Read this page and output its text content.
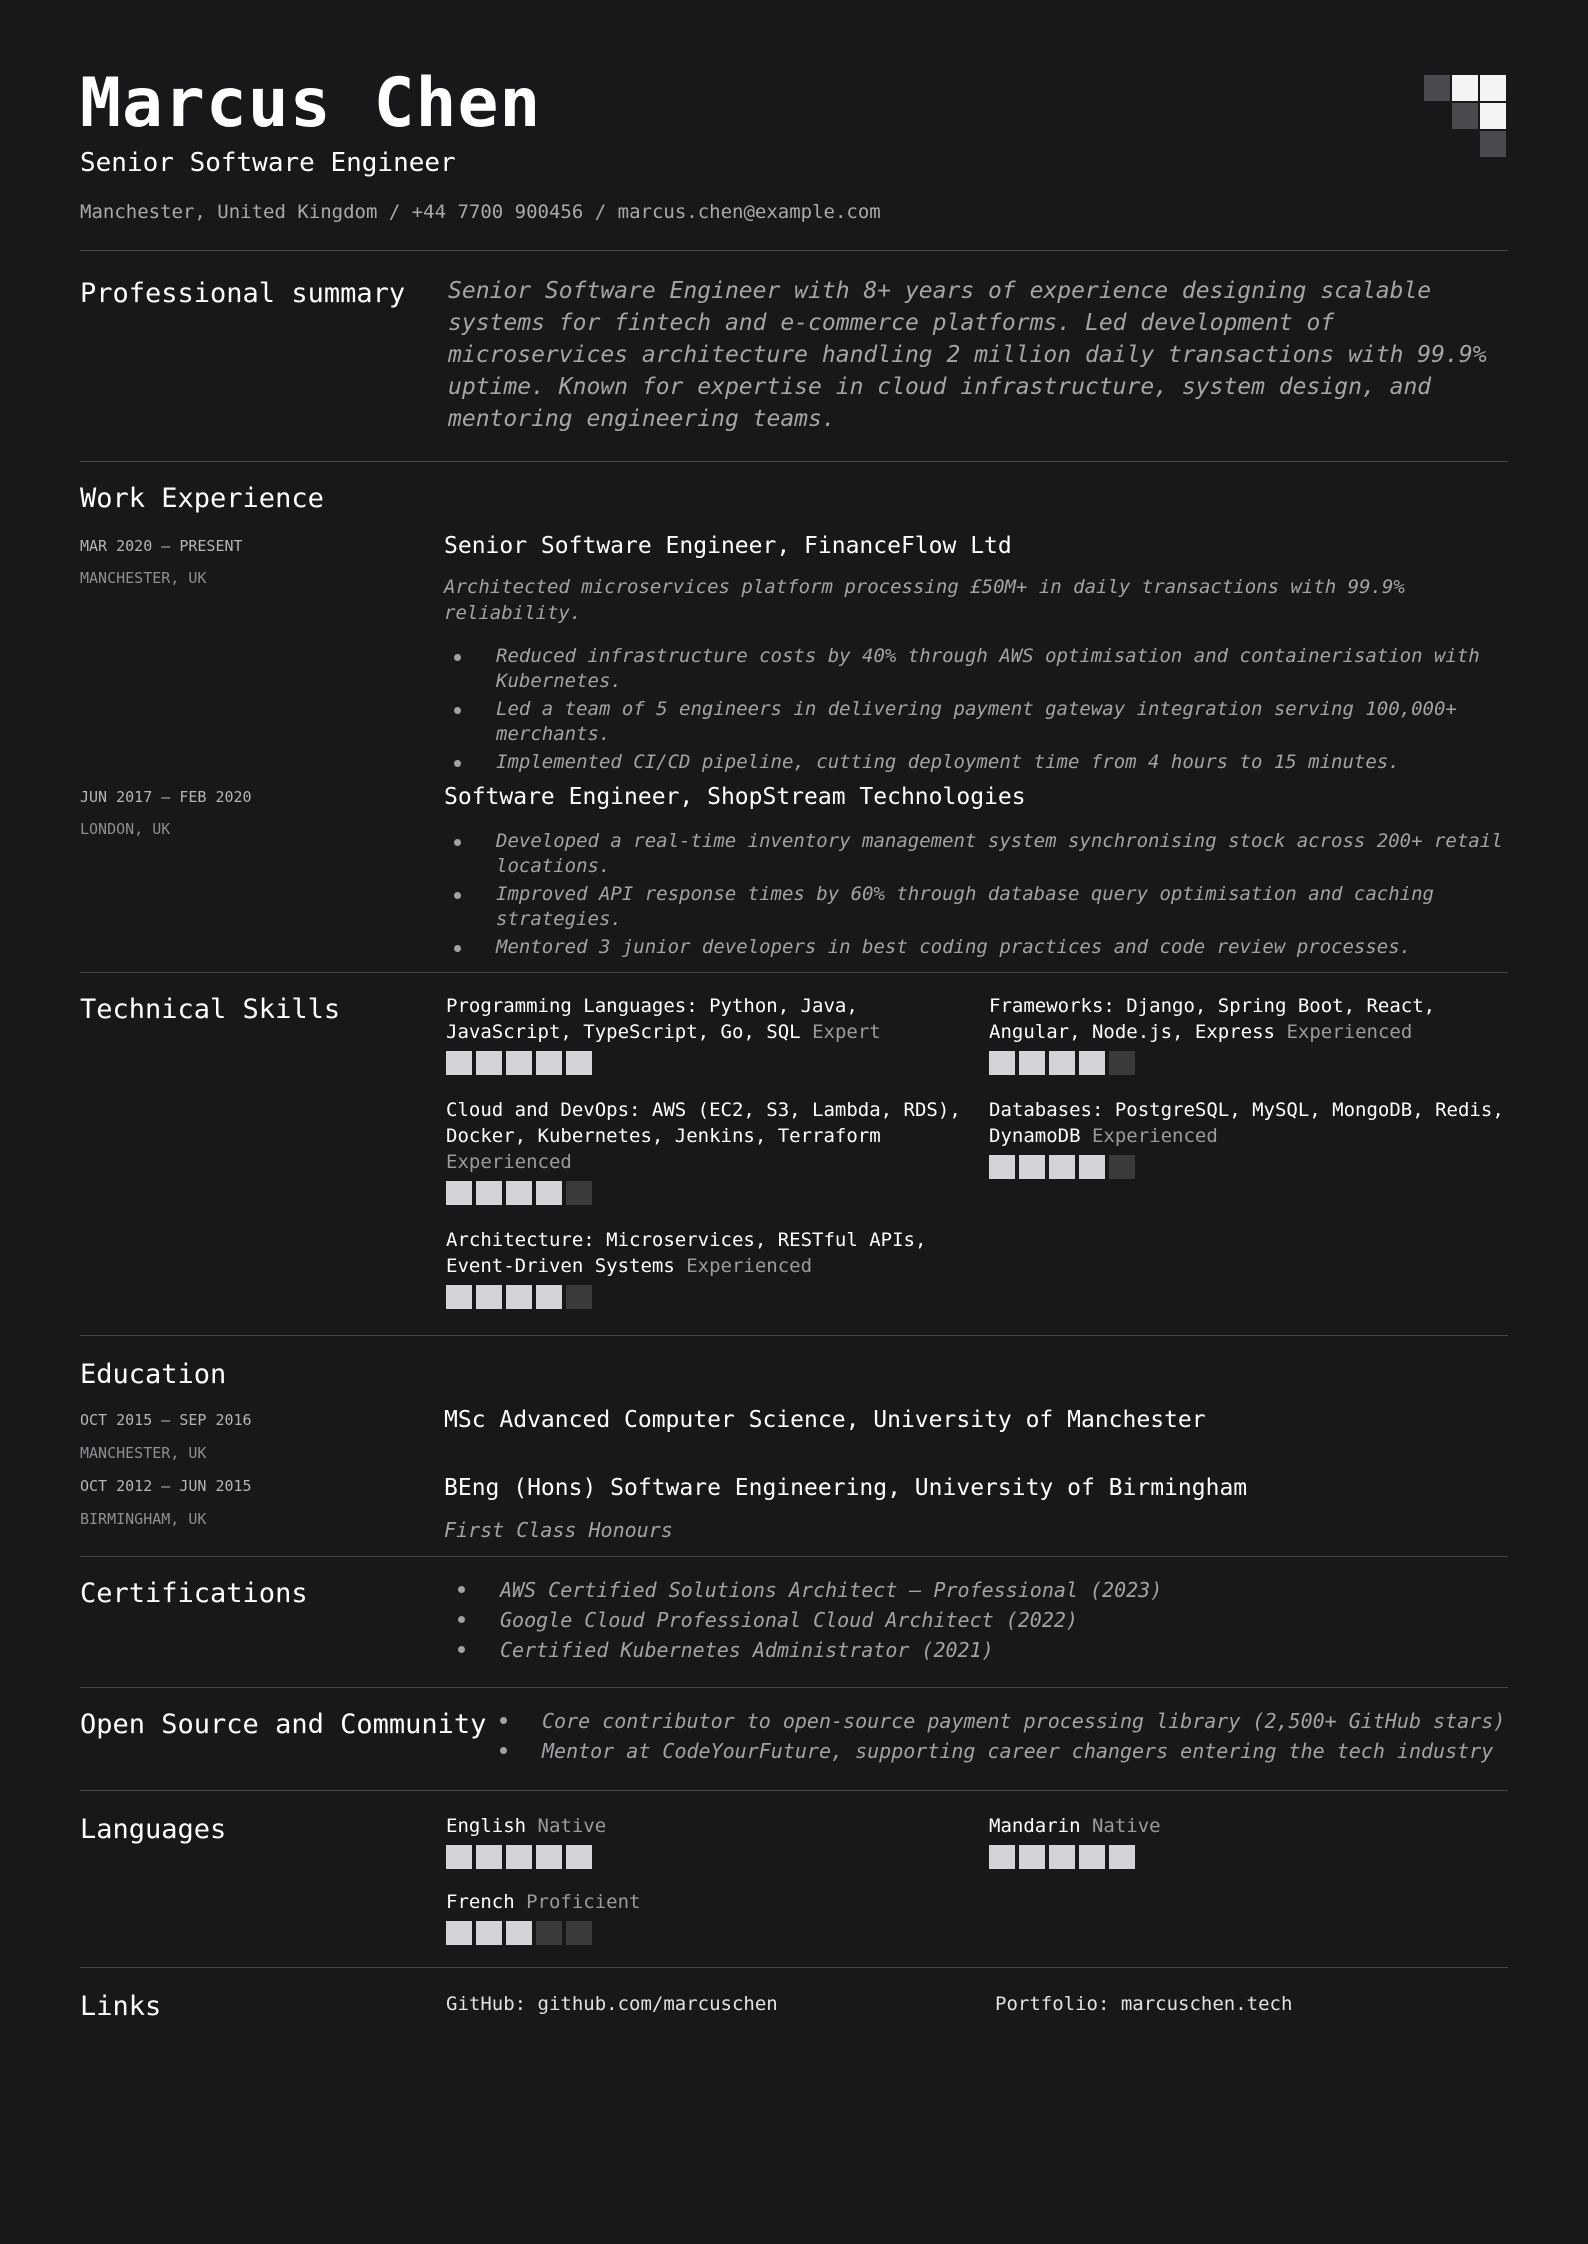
Marcus Chen
Senior Software Engineer
Manchester, United Kingdom / +44 7700 900456 / marcus.chen@example.com
Professional summary	Senior Software Engineer with 8+ years of experience designing scalable systems for fintech and e-commerce platforms. Led development of microservices architecture handling 2 million daily transactions with 99.9% uptime. Known for expertise in cloud infrastructure, system design, and mentoring engineering teams.
Work Experience
MAR 2020 – PRESENT
MANCHESTER, UK
Senior Software Engineer, FinanceFlow Ltd
Architected microservices platform processing £50M+ in daily transactions with 99.9% reliability.
Reduced infrastructure costs by 40% through AWS optimisation and containerisation with Kubernetes.
Led a team of 5 engineers in delivering payment gateway integration serving 100,000+ merchants.
Implemented CI/CD pipeline, cutting deployment time from 4 hours to 15 minutes.
JUN 2017 – FEB 2020
LONDON, UK
Software Engineer, ShopStream Technologies
Developed a real-time inventory management system synchronising stock across 200+ retail locations.
Improved API response times by 60% through database query optimisation and caching strategies.
Mentored 3 junior developers in best coding practices and code review processes.
Technical Skills	Programming Languages: Python, Java, JavaScript, TypeScript, Go, SQL Expert
Frameworks: Django, Spring Boot, React, Angular, Node.js, Express Experienced
Cloud and DevOps: AWS (EC2, S3, Lambda, RDS), Docker, Kubernetes, Jenkins, Terraform Experienced
Databases: PostgreSQL, MySQL, MongoDB, Redis, DynamoDB Experienced
Architecture: Microservices, RESTful APIs, Event-Driven Systems Experienced
Education
OCT 2015 – SEP 2016
MANCHESTER, UK
MSc Advanced Computer Science, University of Manchester
OCT 2012 – JUN 2015
BIRMINGHAM, UK
BEng (Hons) Software Engineering, University of Birmingham
First Class Honours
Certifications	AWS Certified Solutions Architect – Professional (2023)
Google Cloud Professional Cloud Architect (2022)
Certified Kubernetes Administrator (2021)
Open Source and Community	Core contributor to open-source payment processing library (2,500+ GitHub stars)
Mentor at CodeYourFuture, supporting career changers entering the tech industry
Languages	English Native	Mandarin Native
French Proficient
Links	GitHub: github.com/marcuschen	Portfolio: marcuschen.tech
